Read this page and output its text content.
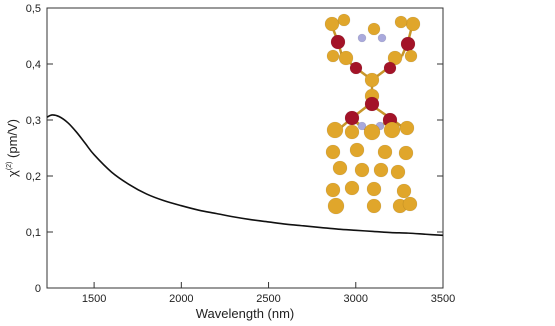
1500	2000	2500	3000	3500
0
0,1
0,2
0,3
0,4
0,5
Wavelength (nm)
$\chi^{(2)}$ (pm/V)
